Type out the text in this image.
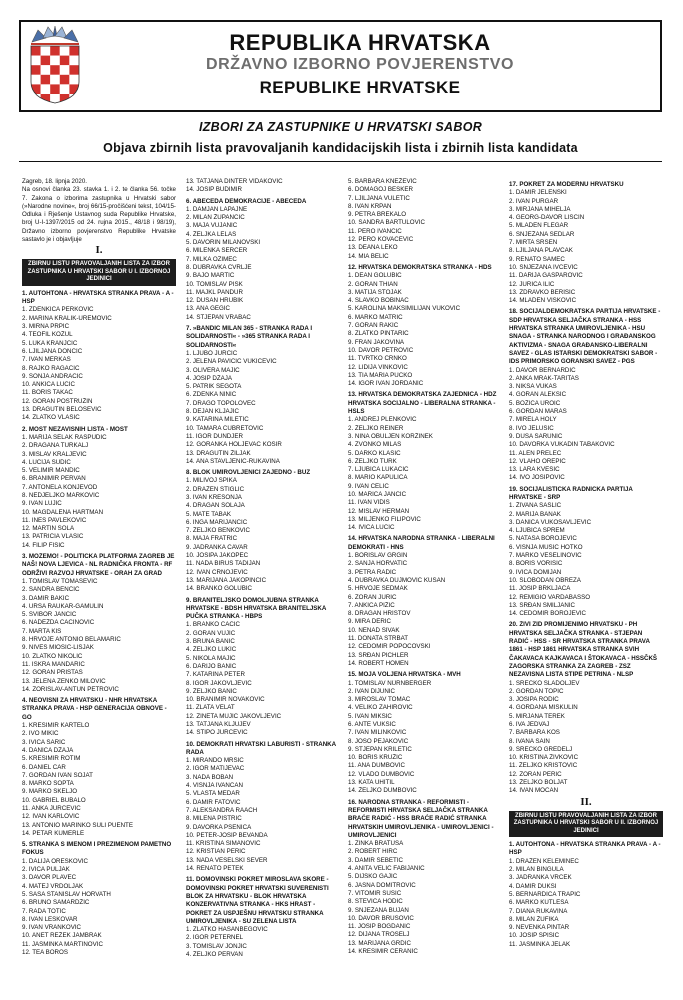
REPUBLIKA HRVATSKA
DRŽAVNO IZBORNO POVJERENSTVO
REPUBLIKE HRVATSKE
IZBORI ZA ZASTUPNIKE U HRVATSKI SABOR
Objava zbirnih lista pravovaljanih kandidacijskih lista i zbirnih lista kandidata

Zagreb, 18. lipnja 2020.
Na osnovi članka 23. stavka 1. i 2. te članka 56. točke 7. Zakona o izborima zastupnika u Hrvatski sabor (»Narodne novine«, broj 66/15-pročišćeni tekst, 104/15-Odluka i Rješenje Ustavnog suda Republike Hrvatske, broj U-I-1397/2015 od 24. rujna 2015., 48/18 i 98/19), Državno izborno povjerenstvo Republike Hrvatske sastavlo je i objavljuje

I.
ZBIRNU LISTU PRAVOVALJANIH LISTA ZA IZBOR ZASTUPNIKA U HRVATSKI SABOR U I. IZBORNOJ JEDINICI
1. AUTOHTONA - HRVATSKA STRANKA PRAVA - A - HSP
1. ZDENKICA PERKOVIĆ
2. MARINA KRALIK-UREMOVIĆ
3. MIRNA PRPIĆ
4. TEOFIL KOŽUL
5. LUKA KRANJČIĆ
6. LJILJANA DONČIĆ
7. IVAN MERKAŠ
8. RAJKO RAGAČIĆ
9. SONJA ANDRAČIĆ
10. ANKICA LUČIĆ
11. BORIS TAKAČ
12. GORAN POSTRUŽIN
13. DRAGUTIN BELOŠEVIĆ
14. ZLATKO VLAŠIĆ
2. MOST NEZAVISNIH LISTA - MOST
1. MARIJA SELAK RASPUDIĆ
2. DRAGANA TURKALJ
3. MISLAV KRALJEVIĆ
4. LUCIJA SUDIĆ
5. VELIMIR MANDIĆ
6. BRANIMIR PERVAN
7. ANTONELA KONJEVOD
8. NEDJELJKO MARKOVIĆ
9. IVAN LUJIĆ
10. MAGDALENA HARTMAN
11. INES PAVLEKOVIĆ
12. MARTIN ŠOLA
13. PATRICIA VLAŠIĆ
14. FILIP FIŠIĆ
3. MOŽEMO! - POLITIČKA PLATFORMA ZAGREB JE NAŠ! NOVA LJEVICA - NL RADNIČKA FRONTA - RF ODRŽIVI RAZVOJ HRVATSKE - ORAH ZA GRAD
1. TOMISLAV TOMAŠEVIĆ
2. SANDRA BENČIĆ
3. DAMIR BAKIĆ
4. URŠA RAUKAR-GAMULIN
5. SVIBOR JANČIĆ
6. NADEŽDA ČAČINOVIĆ
7. MARTA KIŠ
8. HRVOJE ANTONIO BELAMARIĆ
9. NIVES MIOŠIĆ-LISJAK
10. ZLATKO NIKOLIĆ
11. ISKRA MANDARIĆ
12. GORAN PRISTAŠ
13. JELENA ZENKO MILOVIĆ
14. ZORISLAV-ANTUN PETROVIĆ
4. NEOVISNI ZA HRVATSKU - NHR HRVATSKA STRANKA PRAVA - HSP GENERACIJA OBNOVE - GO
1. KREŠIMIR KARTELO
2. IVO MIKIĆ
3. IVICA ŠARIĆ
4. DANICA DŽAJA
5. KREŠIMIR ROTIM
6. DANIEL CAR
7. GORDAN IVAN ŠOJAT
8. MARKO SOPTA
9. MARKO ŠKELJO
10. GABRIEL BUBALO
11. ANKA JURČEVIĆ
12. IVAN KARLOVIĆ
13. ANTONIO MARINKO SULI PUENTE
14. PETAR KUMERLE
5. STRANKA S IMENOM I PREZIMENOM PAMETNO FOKUS
1. DALIJA OREŠKOVIĆ
2. IVICA PULJAK
3. DAVOR PLAVEC
4. MATEJ VRDOLJAK
5. SAŠA STANISLAV HORVATH
6. BRUNO SAMARDŽIĆ
7. RADA TOTIĆ
8. IVAN LESKOVAR
9. IVAN VRANKOVIĆ
10. ANET REŽEK JAMBRAK
11. JASMINKA MARTINOVIĆ
12. TEA BOROŠ
13. TATJANA DINTER VIDAKOVIĆ
14. JOSIP BUDIMIR
6. ABECEDA DEMOKRACIJE - ABECEDA
1. DAMJAN LAPAJNE
2. MILAN ŽUPANČIĆ
3. MAJA VUJANIĆ
4. ŽELJKA LELAS
5. DAVORIN MILANOVSKI
6. MILENKA ŠERCER
7. MILKA OZIMEC
8. DUBRAVKA CVRLJE
9. BAJO MARTIĆ
10. TOMISLAV PIŠK
11. MAJKL PANDUR
12. DUŠAN HRUBIK
13. ANA GEGIĆ
14. STJEPAN VRABAC
7. »BANDIĆ MILAN 365 - STRANKA RADA I SOLIDARNOSTI« - »365 STRANKA RADA I SOLIDARNOSTI«
1. LJUBO JURČIĆ
2. JELENA PAVIČIĆ VUKIČEVIĆ
3. OLIVERA MAJIĆ
4. JOSIP DŽAJA
5. PATRIK ŠEGOTA
6. ZDENKA NINIĆ
7. DRAGO TOPOLOVEC
8. DEJAN KLJAJIĆ
9. KATARINA MILETIĆ
10. TAMARA ČUBRETOVIĆ
11. IGOR DUNDJER
12. GORANKA HOLJEVAC KOSIR
13. DRAGUTIN ŽILJAK
14. ANA STAVLJENIĆ-RUKAVINA
8. BLOK UMIROVLJENICI ZAJEDNO - BUZ
1. MILIVOJ ŠPIKA
2. DRAŽEN ŠTIGLIĆ
3. IVAN KRESONJA
4. DRAGAN ŠOLAJA
5. MATE TABAK
6. INGA MARIJANČIĆ
7. ŽELJKO BENKOVIĆ
8. MAJA FRATRIĆ
9. JADRANKA ČAVAR
10. JOSIPA JAKOPEC
11. NADA BIRUŠ TADIJAN
12. IVAN CRNOJEVIĆ
13. MARIJANA JAKOPINČIĆ
14. BRANKO GOLUBIĆ
9. BRANITELJSKO DOMOLJUBNA STRANKA HRVATSKE - BDSH HRVATSKA BRANITELJSKA PUČKA STRANKA - HBPS
1. BRANKO ĆAĆIĆ
2. GORAN VUJIĆ
3. BRUNA BANIĆ
4. ŽELJKO LUKIĆ
5. NIKOLA MAJIĆ
6. DARIJO BANIĆ
7. KATARINA PETER
8. IGOR JAKOVLJEVIĆ
9. ŽELJKO BANIĆ
10. BRANIMIR NOVAKOVIĆ
11. ZLATA VELAT
12. ZINETA MUJIĆ JAKOVLJEVIĆ
13. TATJANA KLJUJEV
14. STIPO JURČEVIĆ
10. DEMOKRATI HRVATSKI LABURISTI - STRANKA RADA
1. MIRANDO MRSIĆ
2. IGOR MATIJEVAC
3. NADA BOBAN
4. VIŠNJA IVANČAN
5. VLASTA MEDAR
6. DAMIR FATOVIĆ
7. ALEKSANDRA RAACH
8. MILENA PISTRIĆ
9. DAVORKA PŠENICA
10. PETER-JOSIP BEVANDA
11. KRISTINA ŠIMANOVIĆ
12. KRISTIAN PERIĆ
13. NADA VESELSKI SEVER
14. RENATO PETEK
11. DOMOVINSKI POKRET MIROSLAVA ŠKORE - DOMOVINSKI POKRET HRVATSKI SUVERENISTI BLOK ZA HRVATSKU - BLOK HRVATSKA KONZERVATIVNA STRANKA - HKS HRAST - POKRET ZA USPJEŠNU HRVATSKU STRANKA UMIROVLJENIKA - SU ZELENA LISTA
1. ZLATKO HASANBEGOVIĆ
2. IGOR PETERNEL
3. TOMISLAV JONJIĆ
4. ŽELJKO PERVAN
5. BARBARA KNEŽEVIĆ
6. DOMAGOJ BEŠKER
7. LJILJANA VULETIĆ
8. IVAN KRPAN
9. PETRA BREKALO
10. SANDRA BARTULOVIĆ
11. PERO IVANČIĆ
12. PERO KOVAČEVIĆ
13. DEANA LEKO
14. MIA BELIĆ
12. HRVATSKA DEMOKRATSKA STRANKA - HDS
1. DEAN GOLUBIĆ
2. GORAN THIAN
3. MATIJA STOJAK
4. SLAVKO BOBINAC
5. KAROLINA MAKSIMILIJAN VUKOVIĆ
6. MARKO MATRIĆ
7. GORAN RAKIĆ
8. ZLATKO PINTARIĆ
9. FRAN JAKOVINA
10. DAVOR PETROVIĆ
11. TVRTKO CRNKO
12. LIDIJA VINKOVIĆ
13. TIA MARIA PUČKO
14. IGOR IVAN JORDANIĆ
13. HRVATSKA DEMOKRATSKA ZAJEDNICA - HDZ HRVATSKA SOCIJALNO - LIBERALNA STRANKA - HSLS
1. ANDREJ PLENKOVIĆ
2. ŽELJKO REINER
3. NINA OBULJEN KORŽINEK
4. ZVONKO MILAS
5. DARKO KLASIĆ
6. ŽELJKO TURK
7. LJUBICA LUKAČIĆ
8. MARIO KAPULICA
9. IVAN ČELIĆ
10. MARICA JANČIĆ
11. IVAN VIDIŠ
12. MISLAV HERMAN
13. MILJENKO FILIPOVIĆ
14. IVICA LUČIĆ
14. HRVATSKA NARODNA STRANKA - LIBERALNI DEMOKRATI - HNS
1. BORISLAV GRGIN
2. SANJA HORVATIĆ
3. PETRA RADIĆ
4. DUBRAVKA DUJMOVIĆ KUŠAN
5. HRVOJE SEDMAK
6. ZORAN JURIĆ
7. ANKICA PIŽIĆ
8. DRAGAN HRISTOV
9. MIRA DERIĆ
10. NENAD ŠIVAK
11. DONATA STRBAT
12. ČEDOMIR POPOČOVSKI
13. SRĐAN PICHLER
14. ROBERT HOMEN
15. MOJA VOLJENA HRVATSKA - MVH
1. TOMISLAV NÜRNBERGER
2. IVAN DIJUNIĆ
3. MIROSLAV TOMAC
4. VELIKO ZAHIROVIĆ
5. IVAN MIKŠIĆ
6. ANTE VUKŠIĆ
7. IVAN MILINKOVIĆ
8. JOSO PEJAKOVIĆ
9. STJEPAN KRILETIĆ
10. BORIS KRUŽIĆ
11. ANA DUMBOVIĆ
12. VLADO DUMBOVIĆ
13. KATA UHITIL
14. ŽELJKO DUMBOVIĆ
16. NARODNA STRANKA - REFORMISTI - REFORMISTI HRVATSKA SELJAČKA STRANKA BRAĆE RADIĆ - HSS BRAĆE RADIĆ STRANKA HRVATSKIH UMIROVLJENIKA - UMIROVLJENICI - UMIROVLJENICI
1. ZINKA BRATUŠA
2. ROBERT HIRC
3. DAMIR ŠEBETIĆ
4. ANITA VELIĆ FABIJANIĆ
5. DIJSKO GAJIĆ
6. JASNA DOMITROVIĆ
7. VITOMIR SUŠIĆ
8. STEVICA HODIĆ
9. SNJEŽANA BUJAN
10. DAVOR BRUSOVIĆ
11. JOSIP BOGDANIĆ
12. DIJANA TROŠELJ
13. MARIJANA GRDIĆ
14. KREŠIMIR CERANIĆ
17. POKRET ZA MODERNU HRVATSKU
1. DAMIR JELENSKI
2. IVAN PURGAR
3. MIRJANA MIHELJA
4. GEORG-DAVOR LISCIN
5. MLADEN FLEGAR
6. SNJEŽANA SEDLAR
7. MIRTA SRŠEN
8. LJILJANA PLAVČAK
9. RENATO ŠAMEC
10. SNJEŽANA IVČEVIĆ
11. DARIJA GAŠPAROVIĆ
12. JURICA ILIĆ
13. ZDRAVKO BERIŠIĆ
14. MLADEN VISKOVIĆ
18. SOCIJALDEMOKRATSKA PARTIJA HRVATSKE - SDP HRVATSKA SELJAČKA STRANKA - HSS HRVATSKA STRANKA UMIROVLJENIKA - HSU SNAGA - STRANKA NARODNOG I GRAĐANSKOG AKTIVIZMA - SNAGA GRAĐANSKO-LIBERALNI SAVEZ - GLAS ISTARSKI DEMOKRATSKI SABOR - IDS PRIMORSKO GORANSKI SAVEZ - PGS
1. DAVOR BERNARDIĆ
2. ANKA MRAK-TARITAŠ
3. NIKŠA VUKAS
4. GORAN ALEKSIĆ
5. BOŽICA UROIĆ
6. GORDAN MARAS
7. MIRELA HOLY
8. IVO JELUŠIĆ
9. DUŠA ŠARUNIĆ
10. DAVORKA VUKADIN TABAKOVIĆ
11. ALEN PRELEC
12. VLAHO OREPIĆ
13. LARA KVESIĆ
14. IVO JOSIPOVIĆ
19. SOCIJALISTIČKA RADNIČKA PARTIJA HRVATSKE - SRP
1. ŽIVANA ŠAŠLIĆ
2. MARIJA BANAK
3. DANICA VUKOSAVLJEVIĆ
4. LJUBICA ŠPREM
5. NATAŠA BOROJEVIĆ
6. VIŠNJA MUSIĆ HOTKO
7. MARKO VESELINOVIĆ
8. BORIS VORIŠIĆ
9. IVICA DOMIJAN
10. SLOBODAN OBREZA
11. JOSIP BRKLJAČA
12. REMIGIO VARDABASSO
13. SRĐAN SMILJANIĆ
14. ČEDOMIR BOROJEVIĆ
20. ŽIVI ZID PROMIJENIMO HRVATSKU - PH HRVATSKA SELJAČKA STRANKA - STJEPAN RADIĆ - HSS - SR HRVATSKA STRANKA PRAVA 1861 - HSP 1861 HRVATSKA STRANKA SVIH ČAKAVACA KAJKAVACA I ŠTOKAVACA - HSSČKŠ ZAGORSKA STRANKA ZA ZAGREB - ZSZ NEZAVISNA LISTA STIPE PETRINA - NLSP
1. SREĆKO SLADOLJEV
2. GORDAN TOPIĆ
3. JOSIPA RODIĆ
4. GORDANA MIŠKULIN
5. MIRJANA TEREK
6. IVA JEDVAJ
7. BARBARA KOS
8. IVANA ŠAIN
9. SREĆKO GREDELJ
10. KRISTINA ŽIVKOVIĆ
11. ŽELJKO KRISTOVIĆ
12. ZORAN PERIĆ
13. ŽELJKO BOLJAT
14. IVAN MOČAN
II.
ZBIRNU LISTU PRAVOVALJANIH LISTA ZA IZBOR ZASTUPNIKA U HRVATSKI SABOR U II. IZBORNOJ JEDINICI
1. AUTOHTONA - HRVATSKA STRANKA PRAVA - A - HSP
1. DRAŽEN KELEMINEC
2. MILAN BINGULA
3. JADRANKA VRČEK
4. DAMIR DUKŠI
5. BERNARDICA TRAPIĆ
6. MARKO KUTLEŠA
7. DIANA RUKAVINA
8. MILAN ŽUFIKA
9. NEVENKA PINTAR
10. JOSIP ŠPIŠIĆ
11. JASMINKA JELAK
